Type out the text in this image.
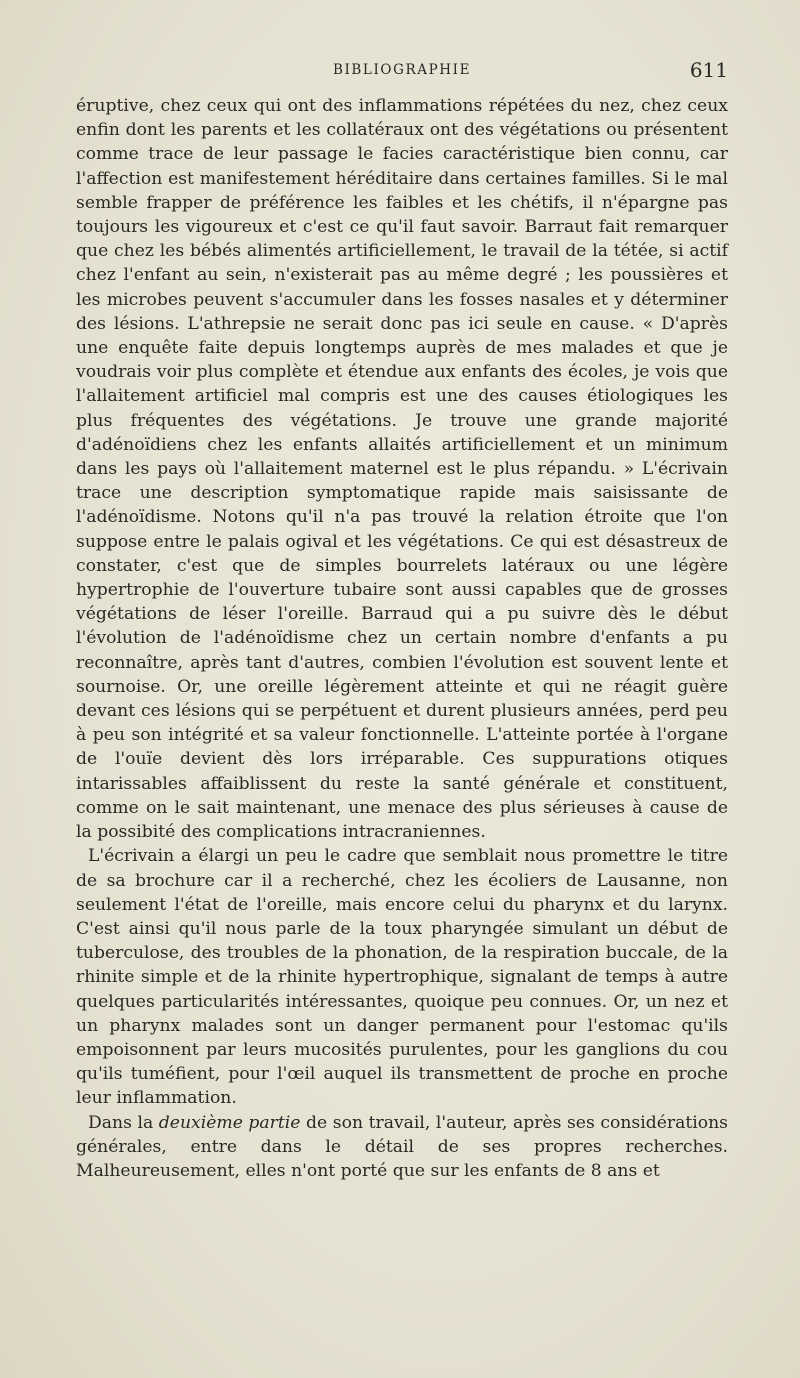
BIBLIOGRAPHIE	611

éruptive, chez ceux qui ont des inflammations répétées du nez, chez ceux enfin dont les parents et les collatéraux ont des végétations ou présentent comme trace de leur passage le facies caractéristique bien connu, car l'affection est manifestement héréditaire dans certaines familles. Si le mal semble frapper de préférence les faibles et les chétifs, il n'épargne pas toujours les vigoureux et c'est ce qu'il faut savoir. Barraut fait remarquer que chez les bébés alimentés artificiellement, le travail de la tétée, si actif chez l'enfant au sein, n'existerait pas au même degré ; les poussières et les microbes peuvent s'accumuler dans les fosses nasales et y déterminer des lésions. L'athrepsie ne serait donc pas ici seule en cause. « D'après une enquête faite depuis longtemps auprès de mes malades et que je voudrais voir plus complète et étendue aux enfants des écoles, je vois que l'allaitement artificiel mal compris est une des causes étiologiques les plus fréquentes des végétations. Je trouve une grande majorité d'adénoïdiens chez les enfants allaités artificiellement et un minimum dans les pays où l'allaitement maternel est le plus répandu. » L'écrivain trace une description symptomatique rapide mais saisissante de l'adénoïdisme. Notons qu'il n'a pas trouvé la relation étroite que l'on suppose entre le palais ogival et les végétations. Ce qui est désastreux de constater, c'est que de simples bourrelets latéraux ou une légère hypertrophie de l'ouverture tubaire sont aussi capables que de grosses végétations de léser l'oreille. Barraud qui a pu suivre dès le début l'évolution de l'adénoïdisme chez un certain nombre d'enfants a pu reconnaître, après tant d'autres, combien l'évolution est souvent lente et sournoise. Or, une oreille légèrement atteinte et qui ne réagit guère devant ces lésions qui se perpétuent et durent plusieurs années, perd peu à peu son intégrité et sa valeur fonctionnelle. L'atteinte portée à l'organe de l'ouïe devient dès lors irréparable. Ces suppurations otiques intarissables affaiblissent du reste la santé générale et constituent, comme on le sait maintenant, une menace des plus sérieuses à cause de la possibité des complications intracraniennes.

L'écrivain a élargi un peu le cadre que semblait nous promettre le titre de sa brochure car il a recherché, chez les écoliers de Lausanne, non seulement l'état de l'oreille, mais encore celui du pharynx et du larynx. C'est ainsi qu'il nous parle de la toux pharyngée simulant un début de tuberculose, des troubles de la phonation, de la respiration buccale, de la rhinite simple et de la rhinite hypertrophique, signalant de temps à autre quelques particularités intéressantes, quoique peu connues. Or, un nez et un pharynx malades sont un danger permanent pour l'estomac qu'ils empoisonnent par leurs mucosités purulentes, pour les ganglions du cou qu'ils tuméfient, pour l'œil auquel ils transmettent de proche en proche leur inflammation.

Dans la deuxième partie de son travail, l'auteur, après ses considérations générales, entre dans le détail de ses propres recherches. Malheureusement, elles n'ont porté que sur les enfants de 8 ans et
